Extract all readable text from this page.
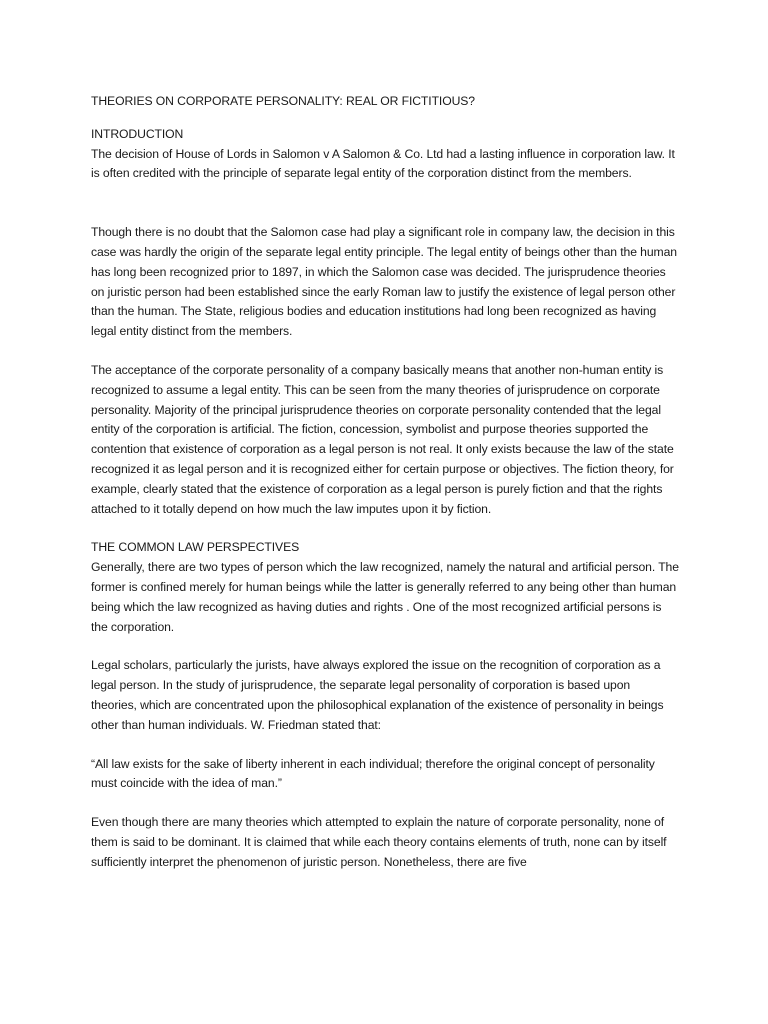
THEORIES ON CORPORATE PERSONALITY: REAL OR FICTITIOUS?

INTRODUCTION

The decision of House of Lords in Salomon v A Salomon & Co. Ltd had a lasting influence in corporation law. It is often credited with the principle of separate legal entity of the corporation distinct from the members.

Though there is no doubt that the Salomon case had play a significant role in company law, the decision in this case was hardly the origin of the separate legal entity principle. The legal entity of beings other than the human has long been recognized prior to 1897, in which the Salomon case was decided. The jurisprudence theories on juristic person had been established since the early Roman law to justify the existence of legal person other than the human. The State, religious bodies and education institutions had long been recognized as having legal entity distinct from the members.

The acceptance of the corporate personality of a company basically means that another non-human entity is recognized to assume a legal entity. This can be seen from the many theories of jurisprudence on corporate personality. Majority of the principal jurisprudence theories on corporate personality contended that the legal entity of the corporation is artificial. The fiction, concession, symbolist and purpose theories supported the contention that existence of corporation as a legal person is not real. It only exists because the law of the state recognized it as legal person and it is recognized either for certain purpose or objectives. The fiction theory, for example, clearly stated that the existence of corporation as a legal person is purely fiction and that the rights attached to it totally depend on how much the law imputes upon it by fiction.

THE COMMON LAW PERSPECTIVES

Generally, there are two types of person which the law recognized, namely the natural and artificial person. The former is confined merely for human beings while the latter is generally referred to any being other than human being which the law recognized as having duties and rights . One of the most recognized artificial persons is the corporation.

Legal scholars, particularly the jurists, have always explored the issue on the recognition of corporation as a legal person. In the study of jurisprudence, the separate legal personality of corporation is based upon theories, which are concentrated upon the philosophical explanation of the existence of personality in beings other than human individuals. W. Friedman stated that:

“All law exists for the sake of liberty inherent in each individual; therefore the original concept of personality must coincide with the idea of man.”

Even though there are many theories which attempted to explain the nature of corporate personality, none of them is said to be dominant. It is claimed that while each theory contains elements of truth, none can by itself sufficiently interpret the phenomenon of juristic person. Nonetheless, there are five
